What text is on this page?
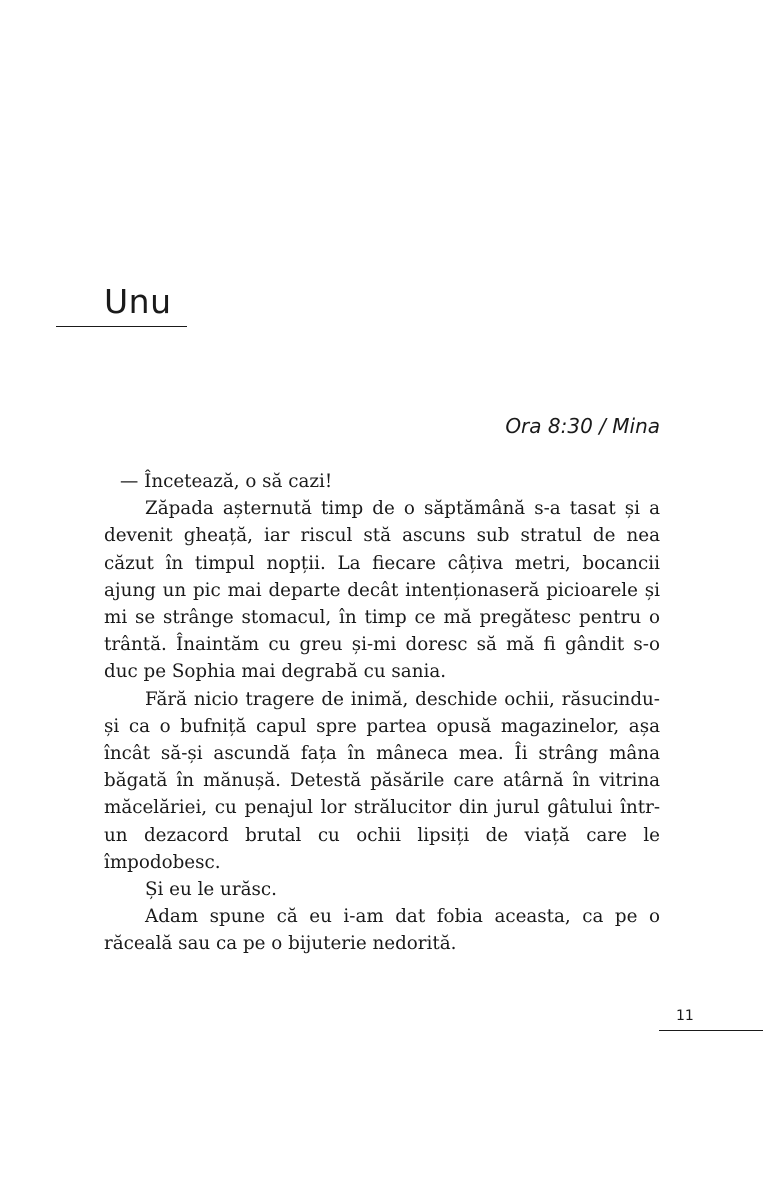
Unu

Ora 8:30 / Mina

— Încetează, o să cazi!

Zăpada așternută timp de o săptămână s-a tasat și a devenit gheață, iar riscul stă ascuns sub stratul de nea căzut în timpul nopții. La fiecare câțiva metri, bocancii ajung un pic mai departe decât intenționaseră picioarele și mi se strânge stomacul, în timp ce mă pregătesc pentru o trântă. Înaintăm cu greu și-mi doresc să mă fi gândit s-o duc pe Sophia mai degrabă cu sania.

Fără nicio tragere de inimă, deschide ochii, răsucindu-și ca o bufniță capul spre partea opusă magazinelor, așa încât să-și ascundă fața în mâneca mea. Îi strâng mâna băgată în mănușă. Detestă păsările care atârnă în vitrina măcelăriei, cu penajul lor strălucitor din jurul gâtului într-un dezacord brutal cu ochii lipsiți de viață care le împodobesc.

Și eu le urăsc.

Adam spune că eu i-am dat fobia aceasta, ca pe o răceală sau ca pe o bijuterie nedorită.

11
